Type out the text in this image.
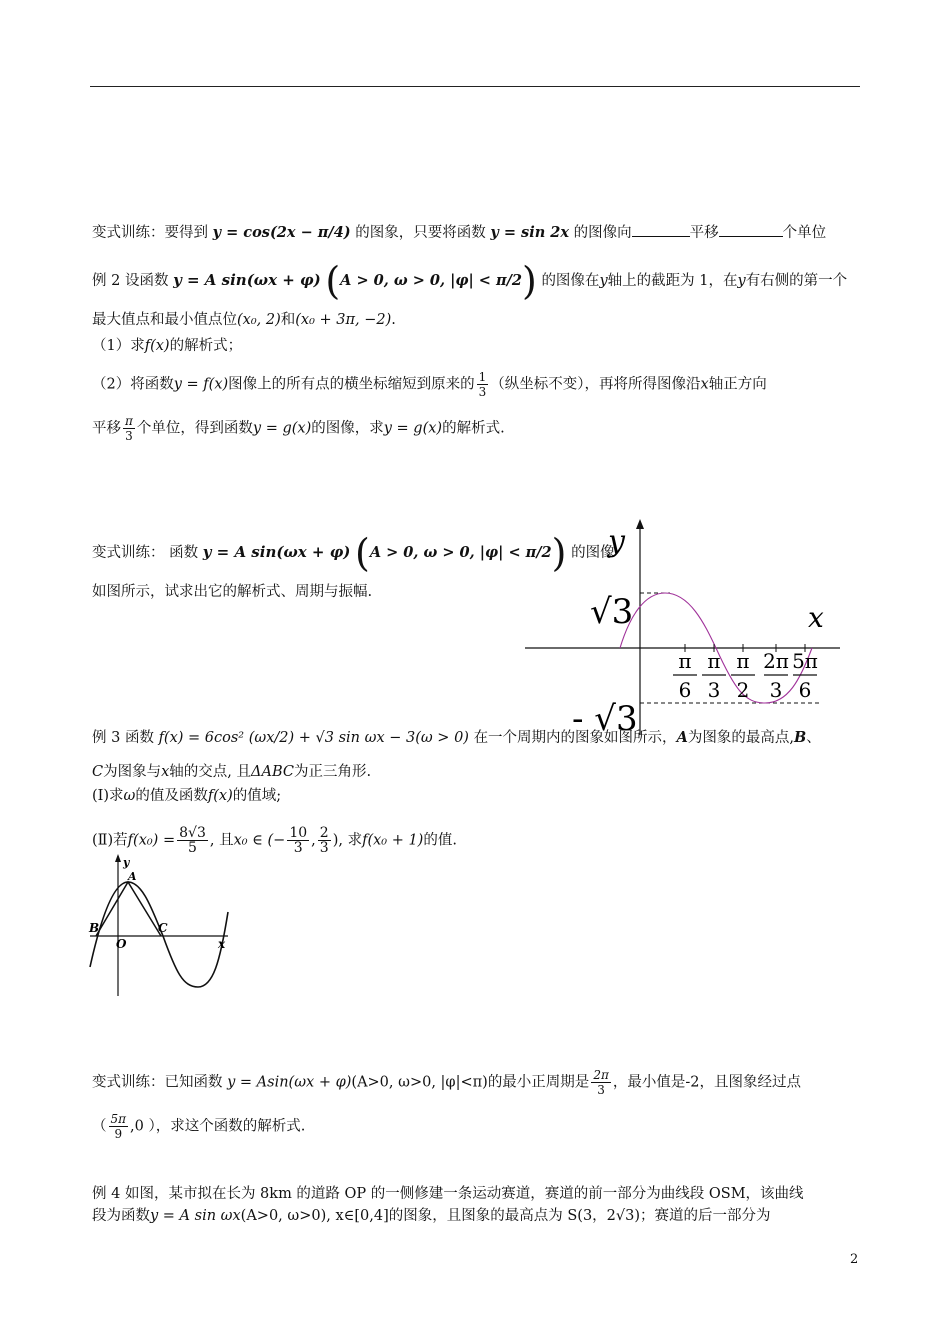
变式训练：要得到 y = cos(2x − π/4) 的图象，只要将函数 y = sin 2x 的图像向	平移	个单位
例 2 设函数 y = A sin(ωx + φ) (A > 0, ω > 0, |φ| < π/2) 的图像在y轴上的截距为 1，在y有右侧的第一个
最大值点和最小值点位(x₀, 2)和(x₀ + 3π, −2).
（1）求f(x)的解析式；
（2）将函数y = f(x)图像上的所有点的横坐标缩短到原来的 $\frac{1}{3}$ （纵坐标不变），再将所得图像沿x轴正方向
平移 $\frac{\pi}{3}$ 个单位，得到函数y = g(x)的图像，求y = g(x)的解析式.
变式训练： 函数 y = A sin(ωx + φ) (A > 0, ω > 0, |φ| < π/2) 的图像
如图所示，试求出它的解析式、周期与振幅.
y
x
√3
- √3
π
6
π
3
π
2
2π
3
5π
6
例 3 函数 f(x) = 6cos² (ωx/2) + √3 sin ωx − 3(ω > 0) 在一个周期内的图象如图所示，A为图象的最高点,B、
C为图象与x轴的交点, 且ΔABC为正三角形.
(Ⅰ)求ω的值及函数f(x)的值域;
(Ⅱ)若$f(x_0) = \frac{8√3}{5}$ , 且x₀ ∈ (− $\frac{10}{3}$ , $\frac{2}{3}$ ), 求f(x₀ + 1)的值.
y
A
B	C
O	x
变式训练：已知函数 y = Asin(ωx + φ)(A>0, ω>0, |φ|<π)的最小正周期是 $\frac{2\pi}{3}$ ，最小值是-2，且图象经过点
（ $\frac{5\pi}{9} ,0$ ），求这个函数的解析式.
例 4 如图，某市拟在长为 8km 的道路 OP 的一侧修建一条运动赛道，赛道的前一部分为曲线段 OSM，该曲线
段为函数y = A sin ωx(A>0, ω>0), x∈[0,4]的图象，且图象的最高点为 S(3，2√3)；赛道的后一部分为
2
